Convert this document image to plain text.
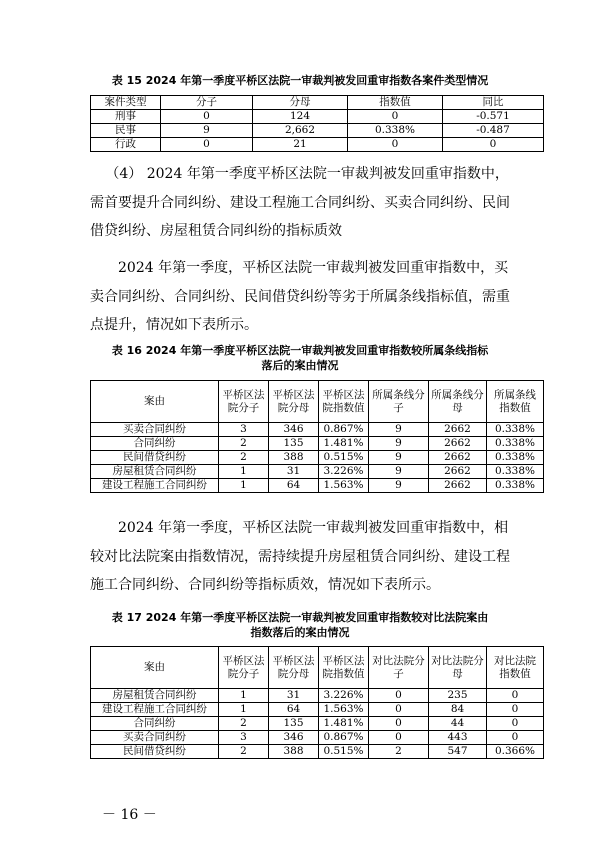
表 15 2024 年第一季度平桥区法院一审裁判被发回重审指数各案件类型情况
案件类型	分子	分母	指数值	同比
刑事	0	124	0	-0.571
民事	9	2,662	0.338%	-0.487
行政	0	21	0	0

（4） 2024 年第一季度平桥区法院一审裁判被发回重审指数中，

需首要提升合同纠纷、建设工程施工合同纠纷、买卖合同纠纷、民间

借贷纠纷、房屋租赁合同纠纷的指标质效

2024 年第一季度，平桥区法院一审裁判被发回重审指数中，买

卖合同纠纷、合同纠纷、民间借贷纠纷等劣于所属条线指标值，需重

点提升，情况如下表所示。

表 16 2024 年第一季度平桥区法院一审裁判被发回重审指数较所属条线指标
落后的案由情况
案由	平桥区法院分子	平桥区法院分母	平桥区法院指数值	所属条线分子	所属条线分母	所属条线指数值
买卖合同纠纷	3	346	0.867%	9	2662	0.338%
合同纠纷	2	135	1.481%	9	2662	0.338%
民间借贷纠纷	2	388	0.515%	9	2662	0.338%
房屋租赁合同纠纷	1	31	3.226%	9	2662	0.338%
建设工程施工合同纠纷	1	64	1.563%	9	2662	0.338%

2024 年第一季度，平桥区法院一审裁判被发回重审指数中，相

较对比法院案由指数情况，需持续提升房屋租赁合同纠纷、建设工程

施工合同纠纷、合同纠纷等指标质效，情况如下表所示。

表 17 2024 年第一季度平桥区法院一审裁判被发回重审指数较对比法院案由
指数落后的案由情况
案由	平桥区法院分子	平桥区法院分母	平桥区法院指数值	对比法院分子	对比法院分母	对比法院指数值
房屋租赁合同纠纷	1	31	3.226%	0	235	0
建设工程施工合同纠纷	1	64	1.563%	0	84	0
合同纠纷	2	135	1.481%	0	44	0
买卖合同纠纷	3	346	0.867%	0	443	0
民间借贷纠纷	2	388	0.515%	2	547	0.366%
－ 16 －
